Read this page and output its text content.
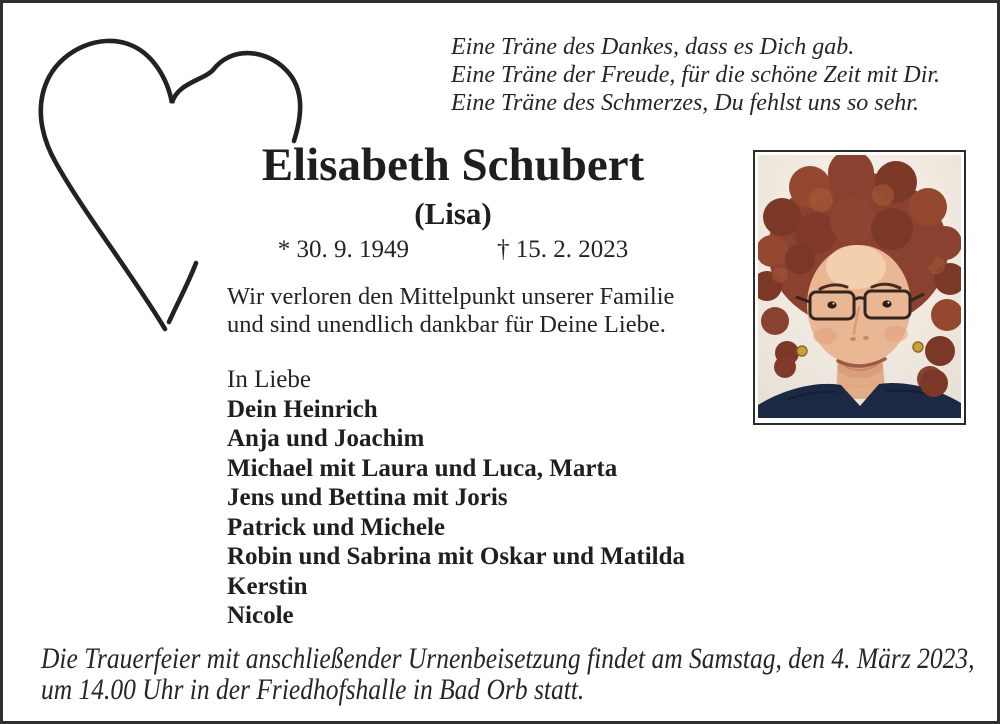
Eine Träne des Dankes, dass es Dich gab.
Eine Träne der Freude, für die schöne Zeit mit Dir.
Eine Träne des Schmerzes, Du fehlst uns so sehr.
Elisabeth Schubert
(Lisa)
* 30. 9. 1949	† 15. 2. 2023
Wir verloren den Mittelpunkt unserer Familie
und sind unendlich dankbar für Deine Liebe.
In Liebe
Dein Heinrich
Anja und Joachim
Michael mit Laura und Luca, Marta
Jens und Bettina mit Joris
Patrick und Michele
Robin und Sabrina mit Oskar und Matilda
Kerstin
Nicole
Die Trauerfeier mit anschließender Urnenbeisetzung findet am Samstag, den 4. März 2023,
um 14.00 Uhr in der Friedhofshalle in Bad Orb statt.
